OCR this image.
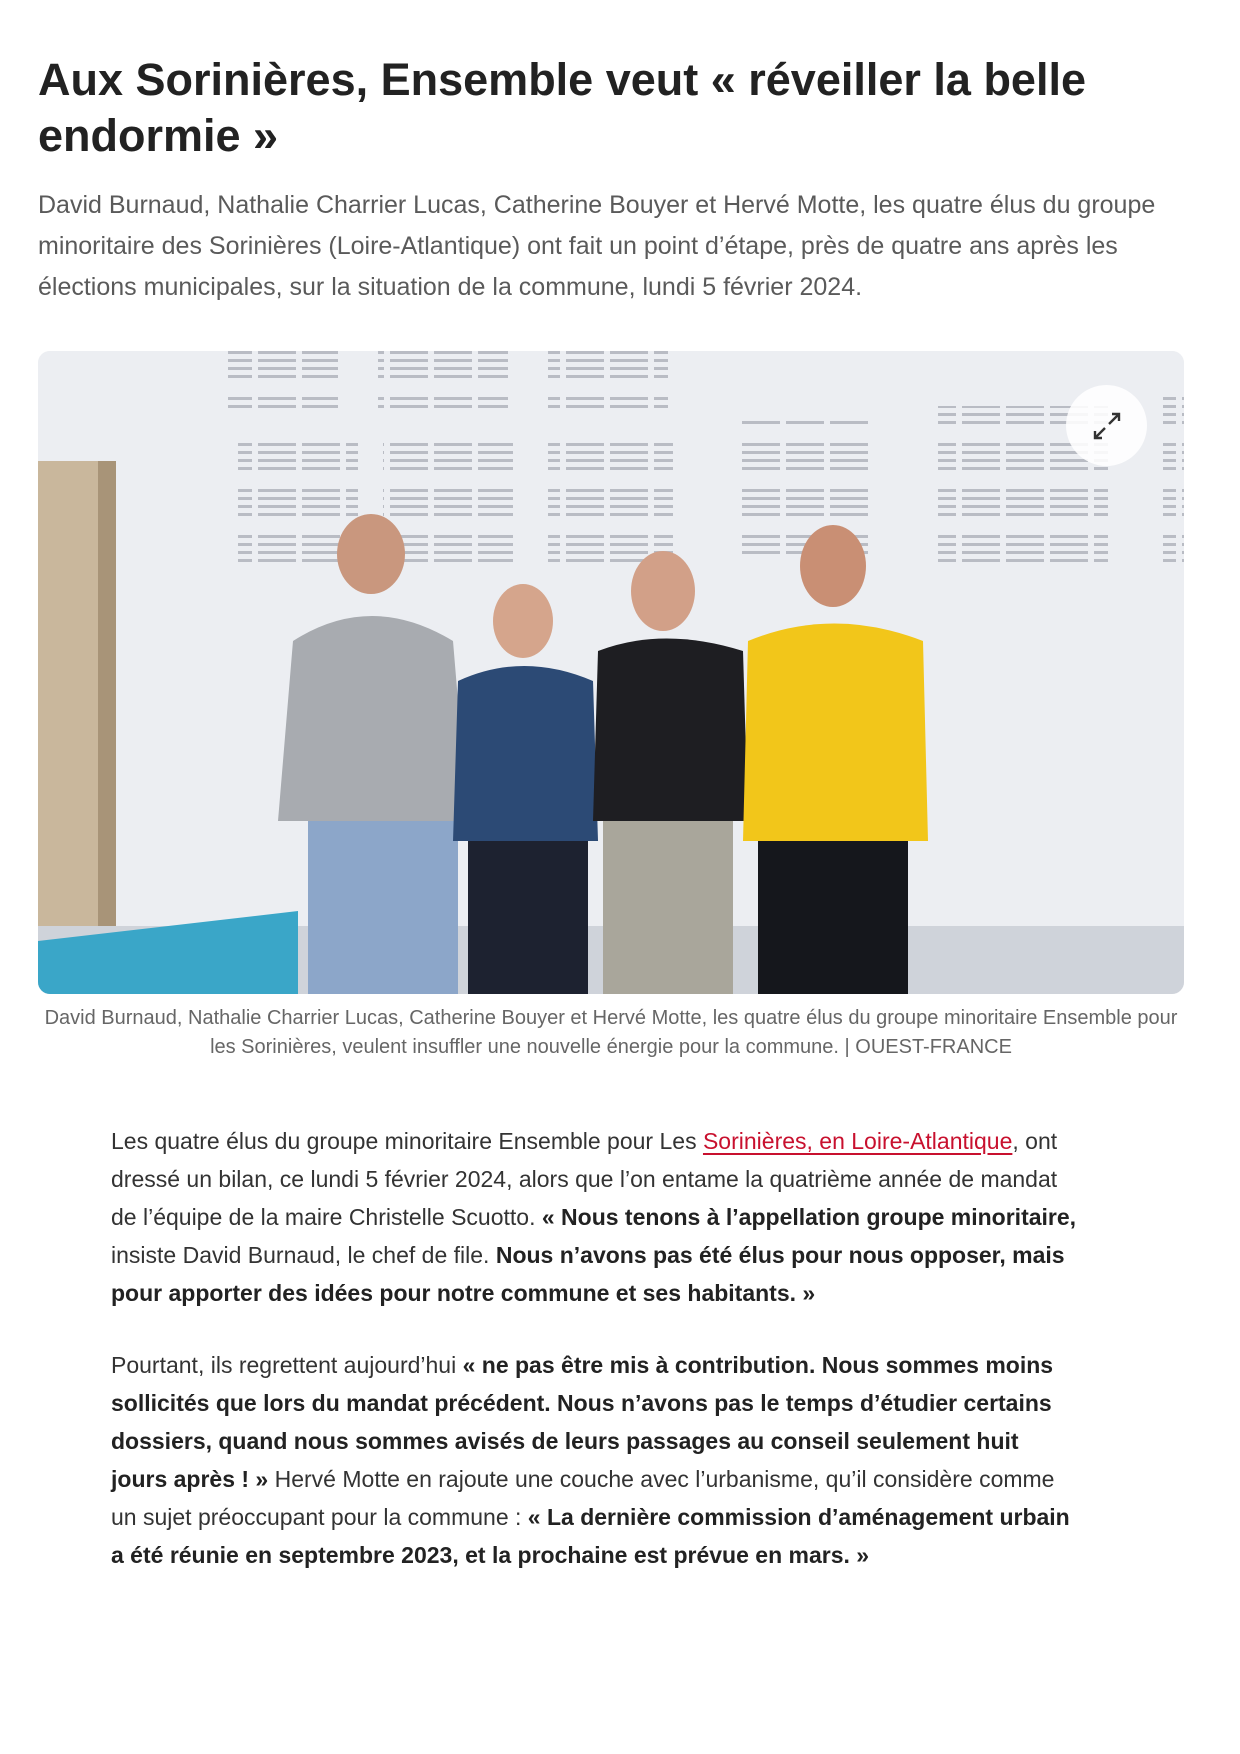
Aux Sorinières, Ensemble veut « réveiller la belle endormie »

David Burnaud, Nathalie Charrier Lucas, Catherine Bouyer et Hervé Motte, les quatre élus du groupe minoritaire des Sorinières (Loire-Atlantique) ont fait un point d’étape, près de quatre ans après les élections municipales, sur la situation de la commune, lundi 5 février 2024.

David Burnaud, Nathalie Charrier Lucas, Catherine Bouyer et Hervé Motte, les quatre élus du groupe minoritaire Ensemble pour les Sorinières, veulent insuffler une nouvelle énergie pour la commune. | OUEST-FRANCE

Les quatre élus du groupe minoritaire Ensemble pour Les Sorinières, en Loire-Atlantique, ont dressé un bilan, ce lundi 5 février 2024, alors que l’on entame la quatrième année de mandat de l’équipe de la maire Christelle Scuotto. « Nous tenons à l’appellation groupe minoritaire, insiste David Burnaud, le chef de file. Nous n’avons pas été élus pour nous opposer, mais pour apporter des idées pour notre commune et ses habitants. »

Pourtant, ils regrettent aujourd’hui « ne pas être mis à contribution. Nous sommes moins sollicités que lors du mandat précédent. Nous n’avons pas le temps d’étudier certains dossiers, quand nous sommes avisés de leurs passages au conseil seulement huit jours après ! » Hervé Motte en rajoute une couche avec l’urbanisme, qu’il considère comme un sujet préoccupant pour la commune : « La dernière commission d’aménagement urbain a été réunie en septembre 2023, et la prochaine est prévue en mars. »
